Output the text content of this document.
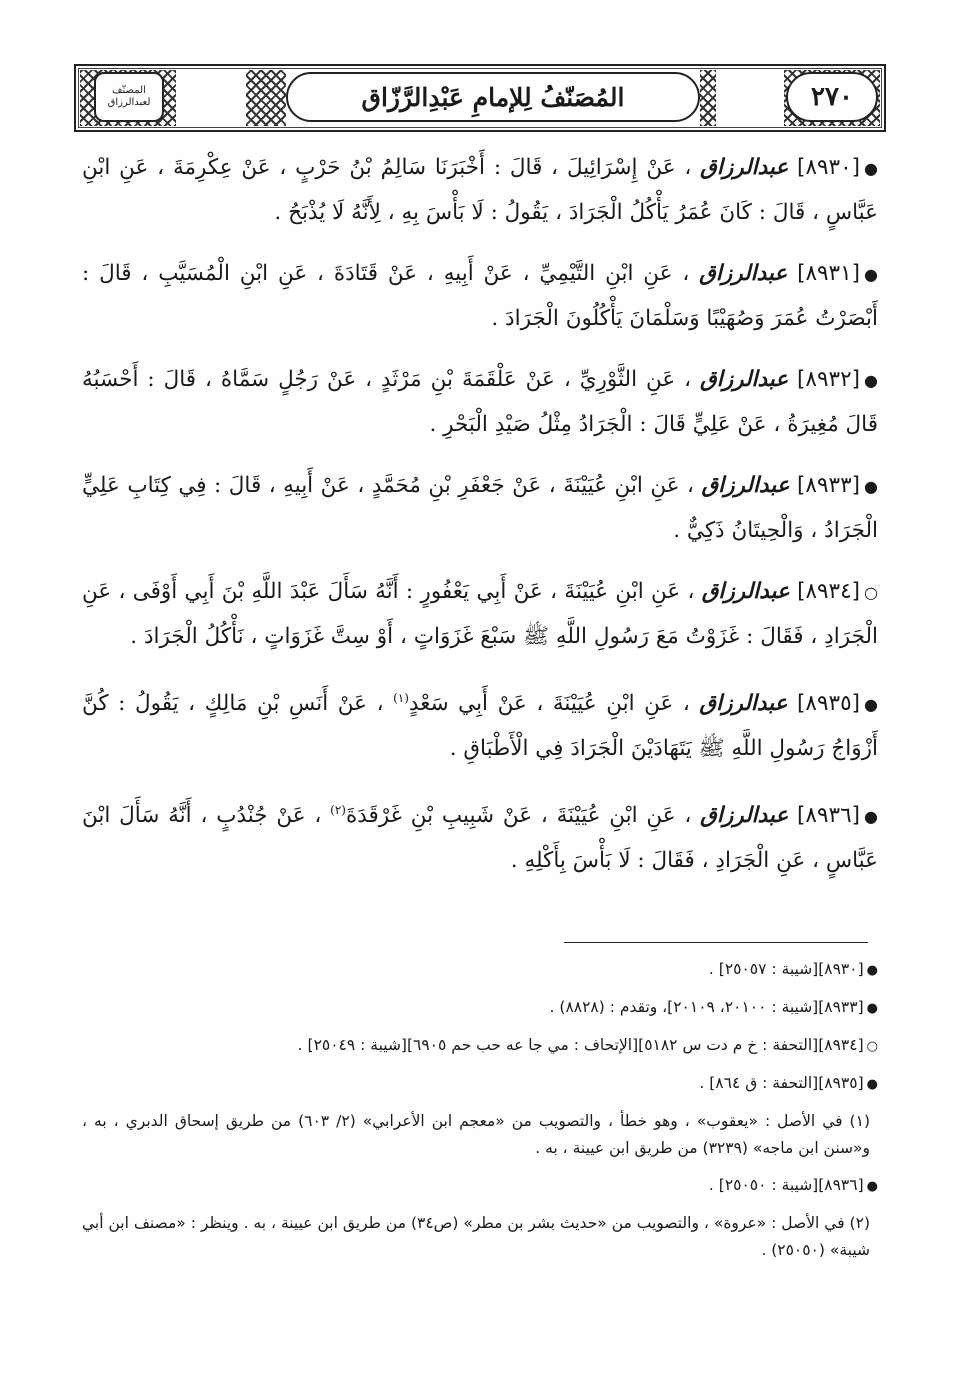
المصنّف
لعبدالرزاق	المُصَنّفُ لِلإمامِ عَبْدِالرَّزّاق	٢٧٠

●[٨٩٣٠] عبدالرزاق ، عَنْ إِسْرَائِيلَ ، قَالَ : أَخْبَرَنَا سَالِمُ بْنُ حَرْبٍ ، عَنْ عِكْرِمَةَ ، عَنِ ابْنِ عَبَّاسٍ ، قَالَ : كَانَ عُمَرُ يَأْكُلُ الْجَرَادَ ، يَقُولُ : لَا بَأْسَ بِهِ ، لِأَنَّهُ لَا يُذْبَحُ .

●[٨٩٣١] عبدالرزاق ، عَنِ ابْنِ التَّيْمِيِّ ، عَنْ أَبِيهِ ، عَنْ قَتَادَةَ ، عَنِ ابْنِ الْمُسَيَّبِ ، قَالَ : أَبْصَرْتُ عُمَرَ وَصُهَيْبًا وَسَلْمَانَ يَأْكُلُونَ الْجَرَادَ .

●[٨٩٣٢] عبدالرزاق ، عَنِ الثَّوْرِيِّ ، عَنْ عَلْقَمَةَ بْنِ مَرْثَدٍ ، عَنْ رَجُلٍ سَمَّاهُ ، قَالَ : أَحْسَبُهُ قَالَ مُغِيرَةُ ، عَنْ عَلِيٍّ قَالَ : الْجَرَادُ مِثْلُ صَيْدِ الْبَحْرِ .

●[٨٩٣٣] عبدالرزاق ، عَنِ ابْنِ عُيَيْنَةَ ، عَنْ جَعْفَرِ بْنِ مُحَمَّدٍ ، عَنْ أَبِيهِ ، قَالَ : فِي كِتَابِ عَلِيٍّ الْجَرَادُ ، وَالْحِيتَانُ ذَكِيٌّ .

○[٨٩٣٤] عبدالرزاق ، عَنِ ابْنِ عُيَيْنَةَ ، عَنْ أَبِي يَعْفُورٍ : أَنَّهُ سَأَلَ عَبْدَ اللَّهِ بْنَ أَبِي أَوْفَى ، عَنِ الْجَرَادِ ، فَقَالَ : غَزَوْتُ مَعَ رَسُولِ اللَّهِ ﷺ سَبْعَ غَزَوَاتٍ ، أَوْ سِتَّ غَزَوَاتٍ ، نَأْكُلُ الْجَرَادَ .

●[٨٩٣٥] عبدالرزاق ، عَنِ ابْنِ عُيَيْنَةَ ، عَنْ أَبِي سَعْدٍ$^{(١)}$ ، عَنْ أَنَسِ بْنِ مَالِكٍ ، يَقُولُ : كُنَّ أَزْوَاجُ رَسُولِ اللَّهِ ﷺ يَتَهَادَيْنَ الْجَرَادَ فِي الْأَطْبَاقِ .

●[٨٩٣٦] عبدالرزاق ، عَنِ ابْنِ عُيَيْنَةَ ، عَنْ شَبِيبِ بْنِ غَرْقَدَةَ$^{(٢)}$ ، عَنْ جُنْدُبٍ ، أَنَّهُ سَأَلَ ابْنَ عَبَّاسٍ ، عَنِ الْجَرَادِ ، فَقَالَ : لَا بَأْسَ بِأَكْلِهِ .

●[٨٩٣٠][شيبة : ٢٥٠٥٧] .

●[٨٩٣٣][شيبة : ٢٠١٠٠، ٢٠١٠٩]، وتقدم : (٨٨٢٨) .

○[٨٩٣٤][التحفة : خ م دت س ٥١٨٢][الإتحاف : مي جا عه حب حم ٦٩٠٥][شيبة : ٢٥٠٤٩] .

●[٨٩٣٥][التحفة : ق ٨٦٤] .

(١) في الأصل : «يعقوب» ، وهو خطأ ، والتصويب من «معجم ابن الأعرابي» (٢/ ٦٠٣) من طريق إسحاق الدبري ، به ، و«سنن ابن ماجه» (٣٢٣٩) من طريق ابن عيينة ، به .

●[٨٩٣٦][شيبة : ٢٥٠٥٠] .

(٢) في الأصل : «عروة» ، والتصويب من «حديث بشر بن مطر» (ص٣٤) من طريق ابن عيينة ، به . وينظر : «مصنف ابن أبي شيبة» (٢٥٠٥٠) .
